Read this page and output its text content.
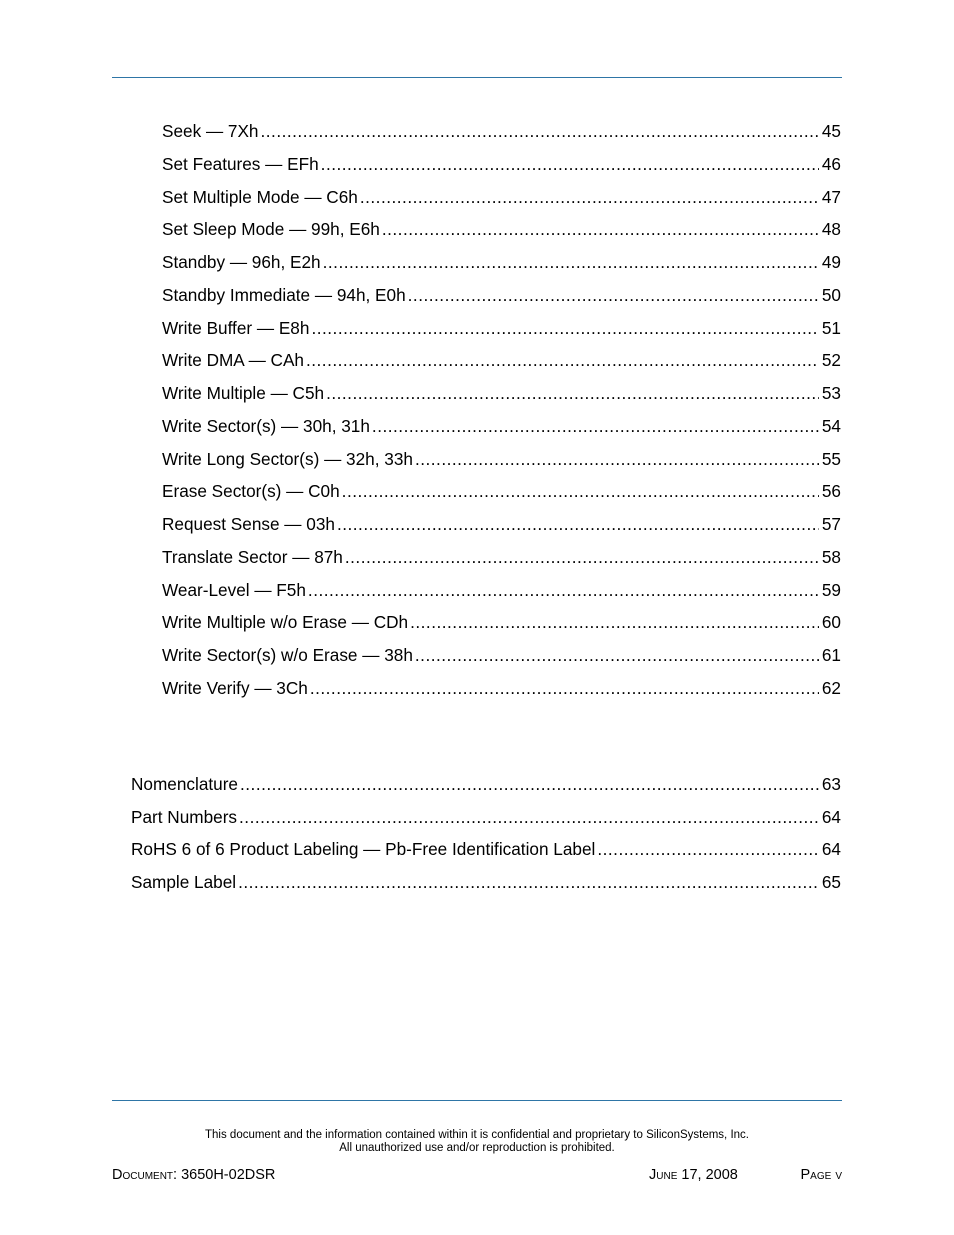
Seek — 7Xh .....	45
Set Features — EFh .....	46
Set Multiple Mode — C6h .....	47
Set Sleep Mode — 99h, E6h .....	48
Standby — 96h, E2h .....	49
Standby Immediate — 94h, E0h .....	50
Write Buffer — E8h .....	51
Write DMA — CAh .....	52
Write Multiple — C5h .....	53
Write Sector(s) — 30h, 31h .....	54
Write Long Sector(s) — 32h, 33h .....	55
Erase Sector(s) — C0h .....	56
Request Sense — 03h .....	57
Translate Sector — 87h .....	58
Wear-Level — F5h .....	59
Write Multiple w/o Erase — CDh .....	60
Write Sector(s) w/o Erase — 38h .....	61
Write Verify — 3Ch .....	62
Nomenclature .....	63
Part Numbers .....	64
RoHS 6 of 6 Product Labeling — Pb-Free Identification Label .....	64
Sample Label .....	65
This document and the information contained within it is confidential and proprietary to SiliconSystems, Inc.
All unauthorized use and/or reproduction is prohibited.
Document: 3650H-02DSR	June 17, 2008	Page v
